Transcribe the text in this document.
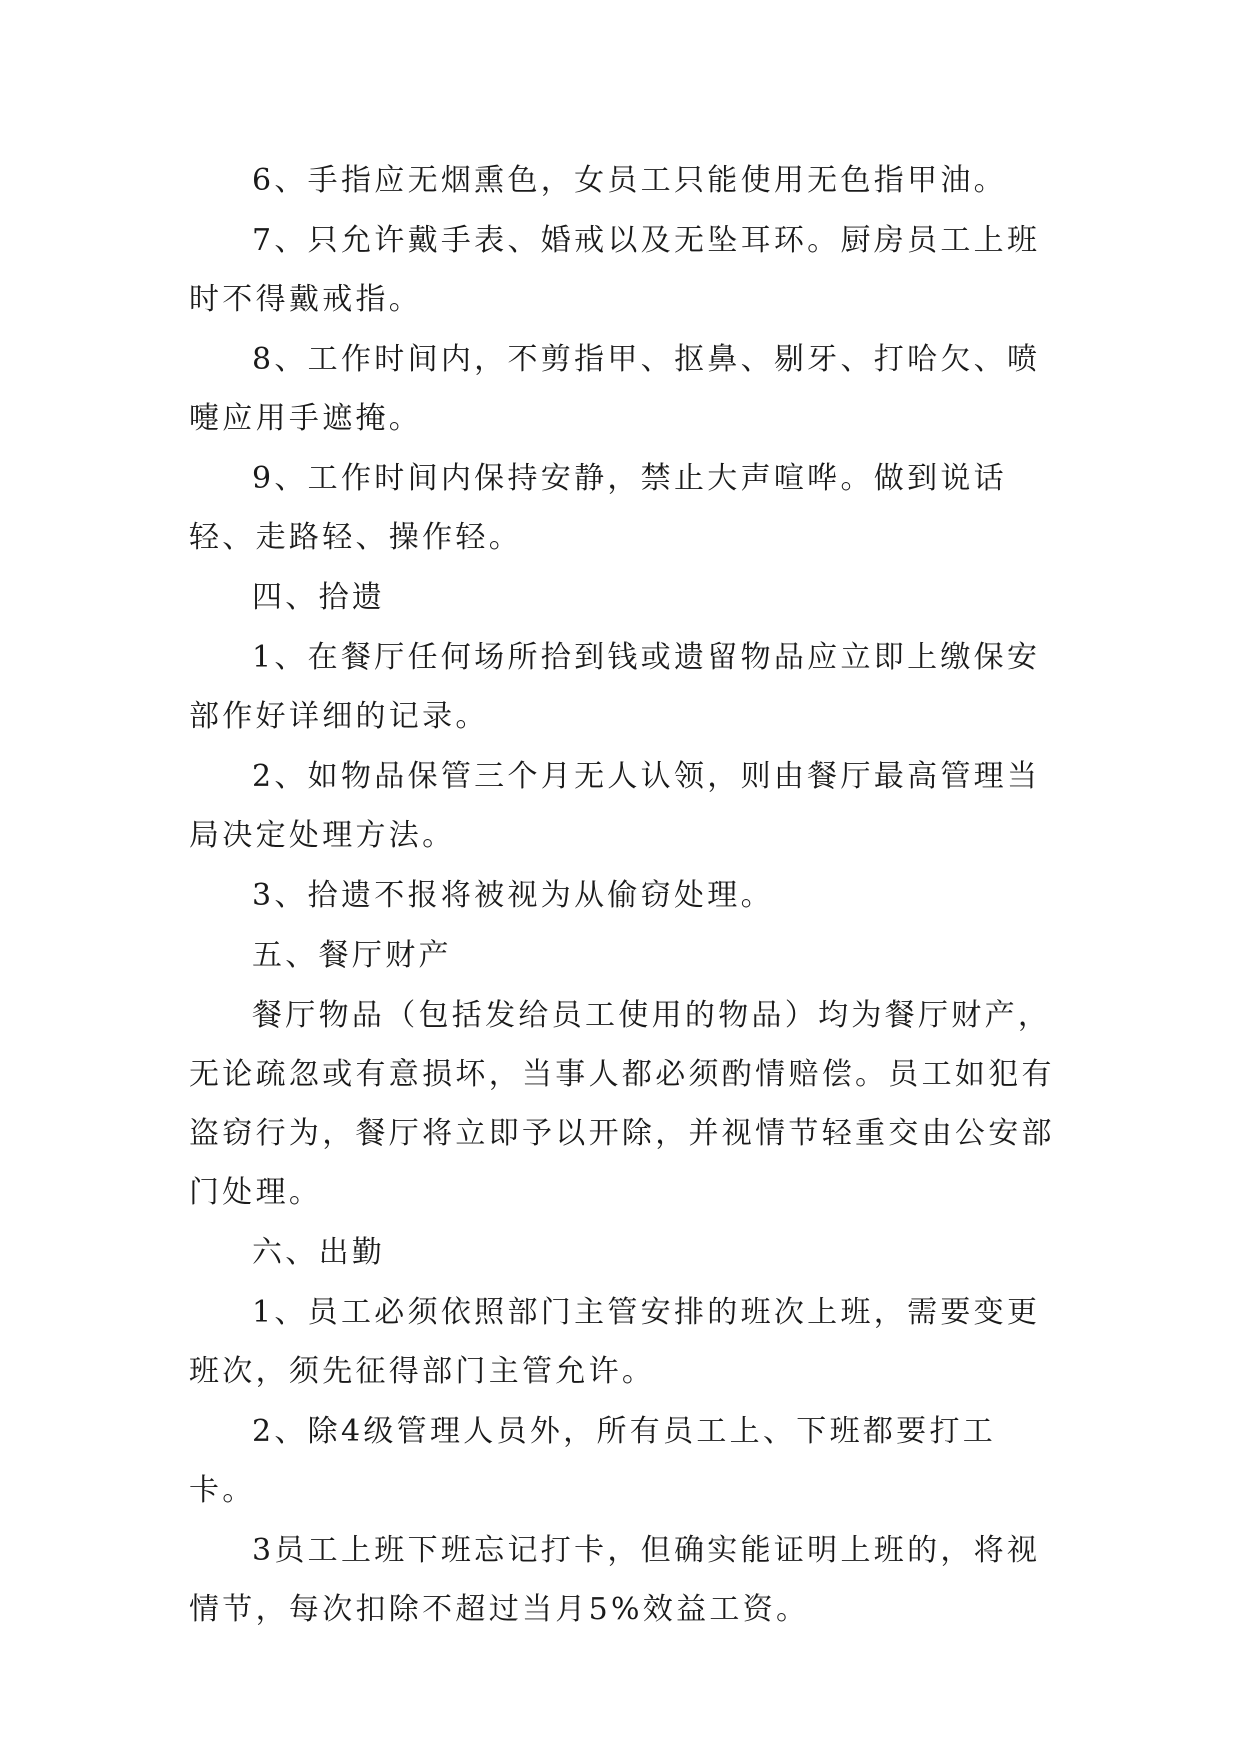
6、手指应无烟熏色，女员工只能使用无色指甲油。

7、只允许戴手表、婚戒以及无坠耳环。厨房员工上班时不得戴戒指。

8、工作时间内，不剪指甲、抠鼻、剔牙、打哈欠、喷嚏应用手遮掩。

9、工作时间内保持安静，禁止大声喧哗。做到说话轻、走路轻、操作轻。

四、拾遗

1、在餐厅任何场所拾到钱或遗留物品应立即上缴保安部作好详细的记录。

2、如物品保管三个月无人认领，则由餐厅最高管理当局决定处理方法。

3、拾遗不报将被视为从偷窃处理。

五、餐厅财产

餐厅物品（包括发给员工使用的物品）均为餐厅财产，无论疏忽或有意损坏，当事人都必须酌情赔偿。员工如犯有盗窃行为，餐厅将立即予以开除，并视情节轻重交由公安部门处理。

六、出勤

1、员工必须依照部门主管安排的班次上班，需要变更班次，须先征得部门主管允许。

2、除4级管理人员外，所有员工上、下班都要打工卡。

3员工上班下班忘记打卡，但确实能证明上班的，将视情节，每次扣除不超过当月5%效益工资。
